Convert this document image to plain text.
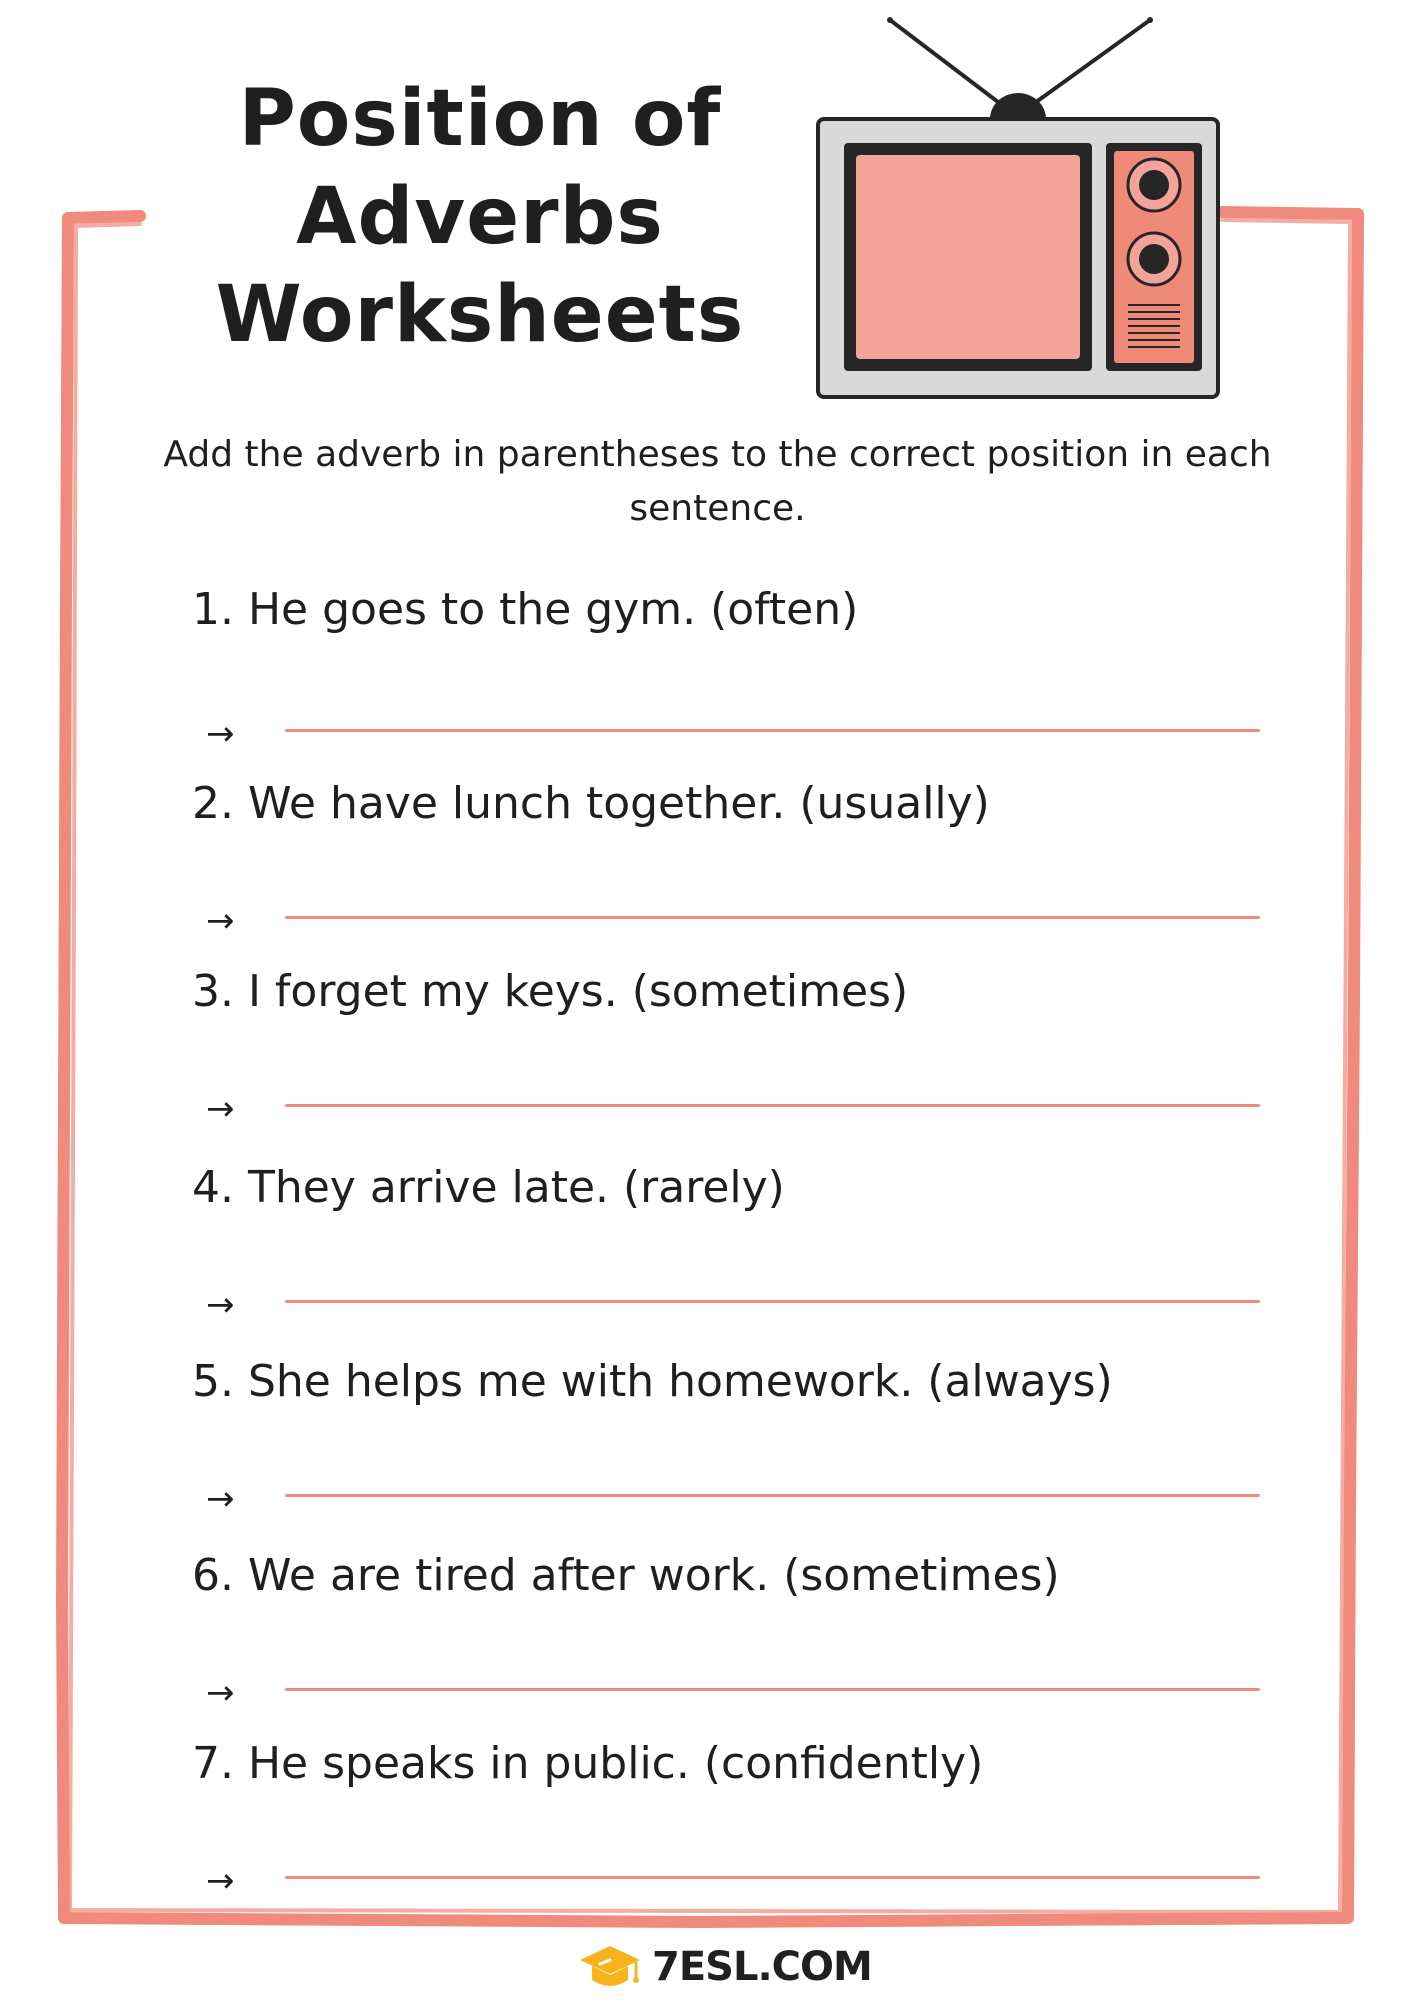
Position of
Adverbs
Worksheets
Add the adverb in parentheses to the correct position in each sentence.
1. He goes to the gym. (often)
→
2. We have lunch together. (usually)
→
3. I forget my keys. (sometimes)
→
4. They arrive late. (rarely)
→
5. She helps me with homework. (always)
→
6. We are tired after work. (sometimes)
→
7. He speaks in public. (confidently)
→
7ESL.COM
